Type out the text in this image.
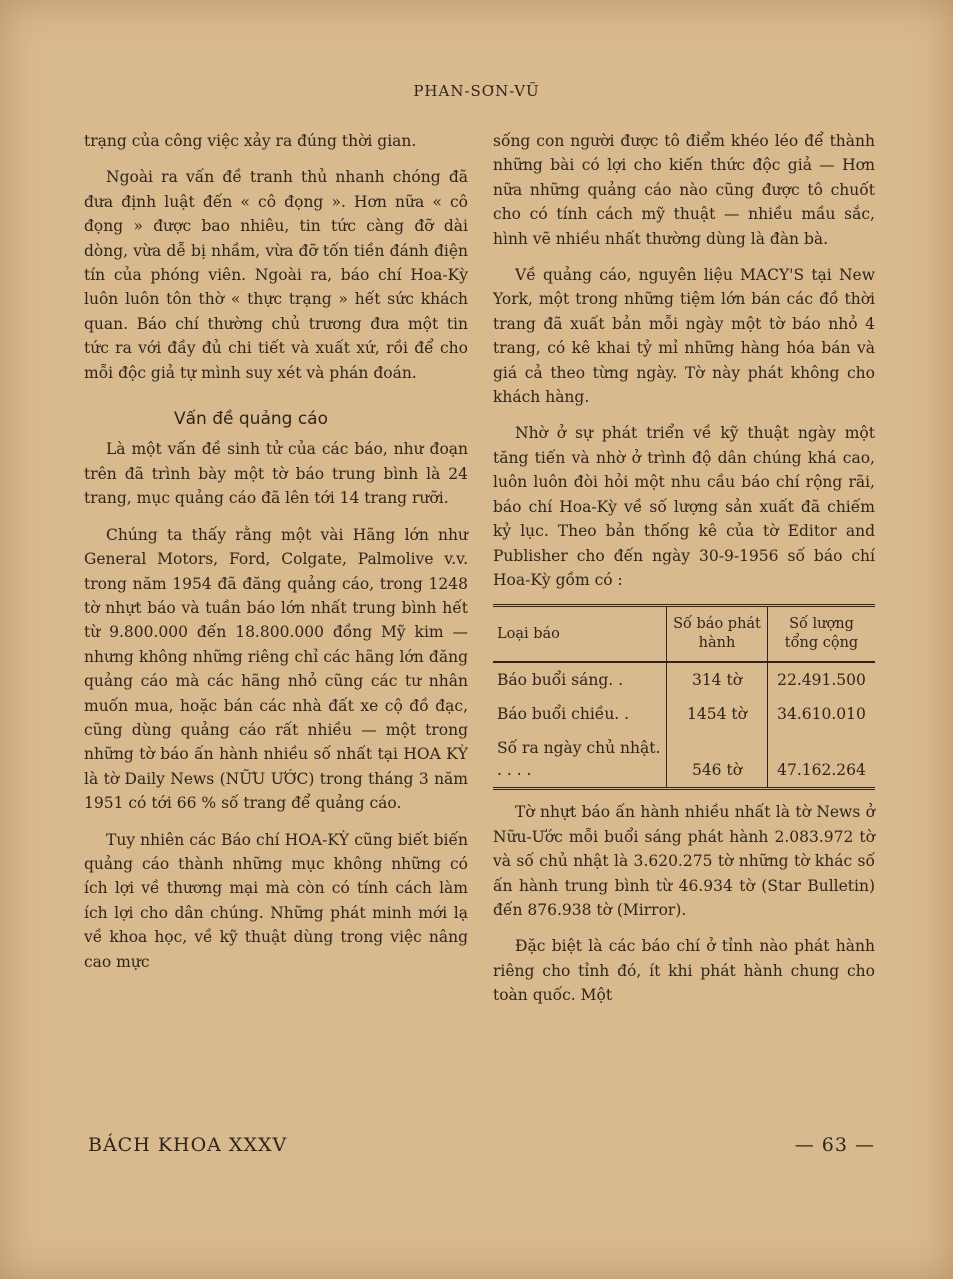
PHAN-SƠN-VŨ

trạng của công việc xảy ra đúng thời gian.

Ngoài ra vấn đề tranh thủ nhanh chóng đã đưa định luật đến « cô đọng ». Hơn nữa « cô đọng » được bao nhiêu, tin tức càng đỡ dài dòng, vừa dễ bị nhầm, vừa đỡ tốn tiền đánh điện tín của phóng viên. Ngoài ra, báo chí Hoa-Kỳ luôn luôn tôn thờ « thực trạng » hết sức khách quan. Báo chí thường chủ trương đưa một tin tức ra với đầy đủ chi tiết và xuất xứ, rồi để cho mỗi độc giả tự mình suy xét và phán đoán.

Vấn đề quảng cáo

Là một vấn đề sinh tử của các báo, như đoạn trên đã trình bày một tờ báo trung bình là 24 trang, mục quảng cáo đã lên tới 14 trang rưỡi.

Chúng ta thấy rằng một vài Hãng lớn như General Motors, Ford, Colgate, Palmolive v.v. trong năm 1954 đã đăng quảng cáo, trong 1248 tờ nhựt báo và tuần báo lớn nhất trung bình hết từ 9.800.000 đến 18.800.000 đồng Mỹ kim — nhưng không những riêng chỉ các hãng lớn đăng quảng cáo mà các hãng nhỏ cũng các tư nhân muốn mua, hoặc bán các nhà đất xe cộ đồ đạc, cũng dùng quảng cáo rất nhiều — một trong những tờ báo ấn hành nhiều số nhất tại HOA KỲ là tờ Daily News (NỮU ƯỚC) trong tháng 3 năm 1951 có tới 66 % số trang để quảng cáo.

Tuy nhiên các Báo chí HOA-KỲ cũng biết biến quảng cáo thành những mục không những có ích lợi về thương mại mà còn có tính cách làm ích lợi cho dân chúng. Những phát minh mới lạ về khoa học, về kỹ thuật dùng trong việc nâng cao mực

sống con người được tô điểm khéo léo để thành những bài có lợi cho kiến thức độc giả — Hơn nữa những quảng cáo nào cũng được tô chuốt cho có tính cách mỹ thuật — nhiều mầu sắc, hình vẽ nhiều nhất thường dùng là đàn bà.

Về quảng cáo, nguyên liệu MACY'S tại New York, một trong những tiệm lớn bán các đồ thời trang đã xuất bản mỗi ngày một tờ báo nhỏ 4 trang, có kê khai tỷ mỉ những hàng hóa bán và giá cả theo từng ngày. Tờ này phát không cho khách hàng.

Nhờ ở sự phát triển về kỹ thuật ngày một tăng tiến và nhờ ở trình độ dân chúng khá cao, luôn luôn đòi hỏi một nhu cầu báo chí rộng rãi, báo chí Hoa-Kỳ về số lượng sản xuất đã chiếm kỷ lục. Theo bản thống kê của tờ Editor and Publisher cho đến ngày 30-9-1956 số báo chí Hoa-Kỳ gồm có :

Loại báo	Số báo phát hành	Số lượng tổng cộng
Báo buổi sáng. .	314 tờ	22.491.500
Báo buổi chiều. .	1454 tờ	34.610.010
Số ra ngày chủ nhật. . . . .	546 tờ	47.162.264

Tờ nhựt báo ấn hành nhiều nhất là tờ News ở Nữu-Ước mỗi buổi sáng phát hành 2.083.972 tờ và số chủ nhật là 3.620.275 tờ những tờ khác số ấn hành trung bình từ 46.934 tờ (Star Bulletin) đến 876.938 tờ (Mirror).

Đặc biệt là các báo chí ở tỉnh nào phát hành riêng cho tỉnh đó, ít khi phát hành chung cho toàn quốc. Một

BÁCH KHOA XXXV	— 63 —
